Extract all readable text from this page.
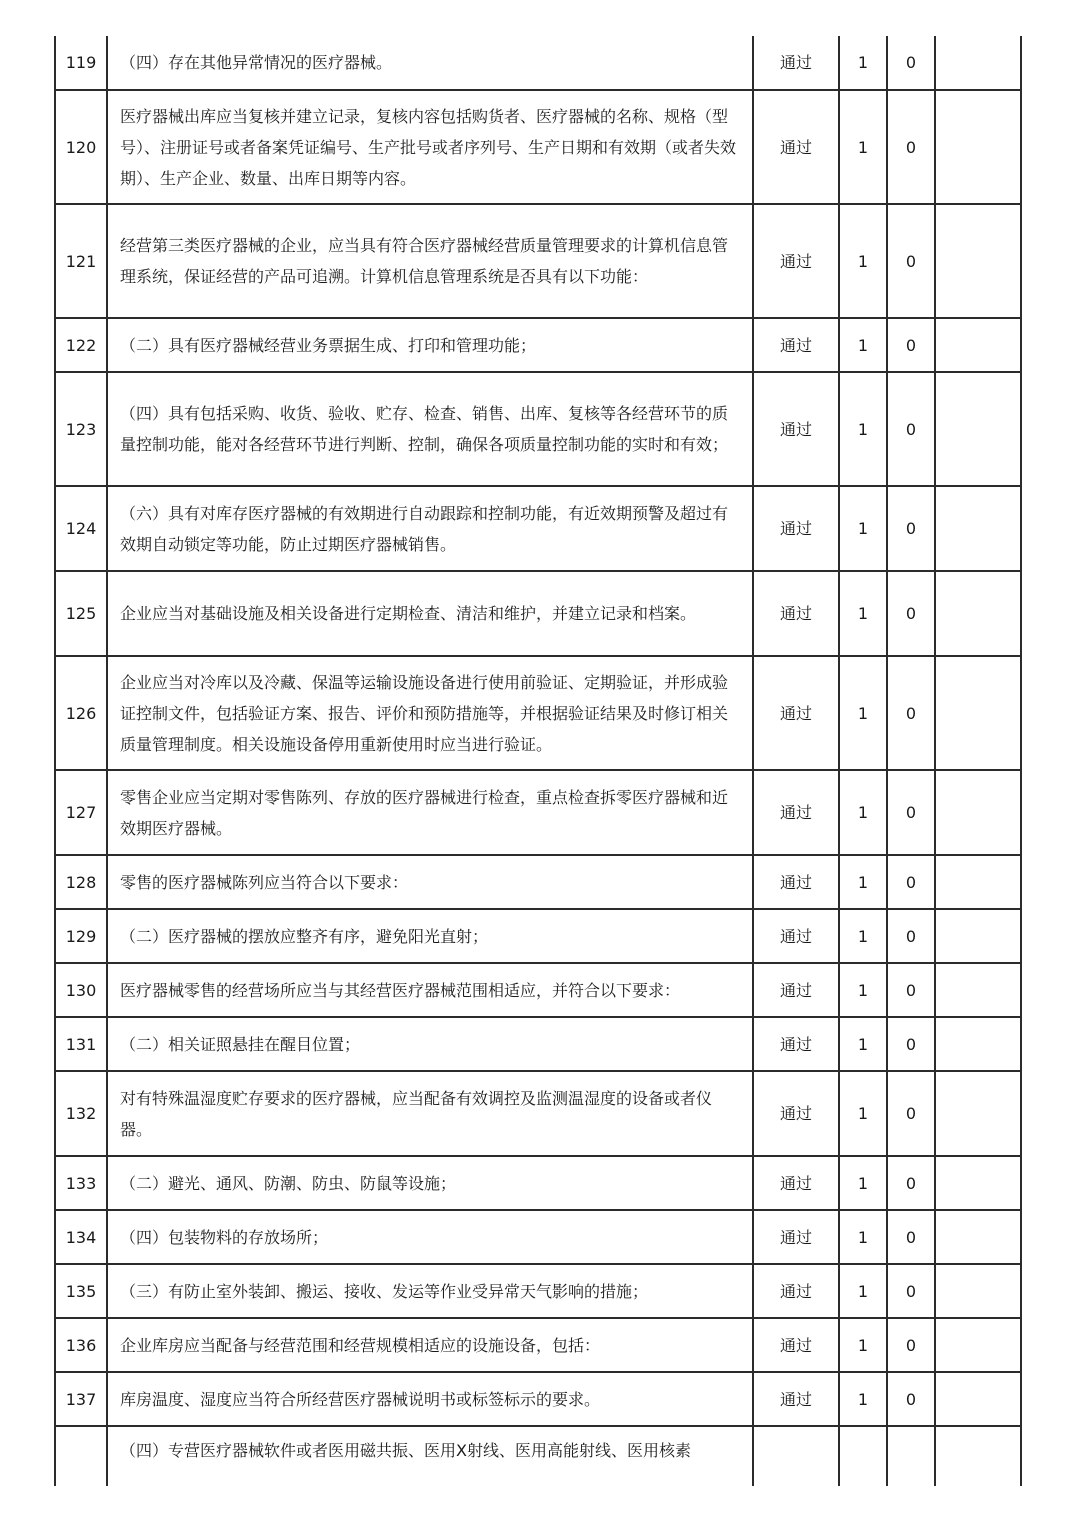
119	（四）存在其他异常情况的医疗器械。	通过	1	0	
120	医疗器械出库应当复核并建立记录，复核内容包括购货者、医疗器械的名称、规格（型号）、注册证号或者备案凭证编号、生产批号或者序列号、生产日期和有效期（或者失效期）、生产企业、数量、出库日期等内容。	通过	1	0	
121	经营第三类医疗器械的企业，应当具有符合医疗器械经营质量管理要求的计算机信息管理系统，保证经营的产品可追溯。计算机信息管理系统是否具有以下功能：	通过	1	0	
122	（二）具有医疗器械经营业务票据生成、打印和管理功能；	通过	1	0	
123	（四）具有包括采购、收货、验收、贮存、检查、销售、出库、复核等各经营环节的质量控制功能，能对各经营环节进行判断、控制，确保各项质量控制功能的实时和有效；	通过	1	0	
124	（六）具有对库存医疗器械的有效期进行自动跟踪和控制功能，有近效期预警及超过有效期自动锁定等功能，防止过期医疗器械销售。	通过	1	0	
125	企业应当对基础设施及相关设备进行定期检查、清洁和维护，并建立记录和档案。	通过	1	0	
126	企业应当对冷库以及冷藏、保温等运输设施设备进行使用前验证、定期验证，并形成验证控制文件，包括验证方案、报告、评价和预防措施等，并根据验证结果及时修订相关质量管理制度。相关设施设备停用重新使用时应当进行验证。	通过	1	0	
127	零售企业应当定期对零售陈列、存放的医疗器械进行检查，重点检查拆零医疗器械和近效期医疗器械。	通过	1	0	
128	零售的医疗器械陈列应当符合以下要求：	通过	1	0	
129	（二）医疗器械的摆放应整齐有序，避免阳光直射；	通过	1	0	
130	医疗器械零售的经营场所应当与其经营医疗器械范围相适应，并符合以下要求：	通过	1	0	
131	（二）相关证照悬挂在醒目位置；	通过	1	0	
132	对有特殊温湿度贮存要求的医疗器械，应当配备有效调控及监测温湿度的设备或者仪器。	通过	1	0	
133	（二）避光、通风、防潮、防虫、防鼠等设施；	通过	1	0	
134	（四）包装物料的存放场所；	通过	1	0	
135	（三）有防止室外装卸、搬运、接收、发运等作业受异常天气影响的措施；	通过	1	0	
136	企业库房应当配备与经营范围和经营规模相适应的设施设备，包括：	通过	1	0	
137	库房温度、湿度应当符合所经营医疗器械说明书或标签标示的要求。	通过	1	0	
	（四）专营医疗器械软件或者医用磁共振、医用X射线、医用高能射线、医用核素				
